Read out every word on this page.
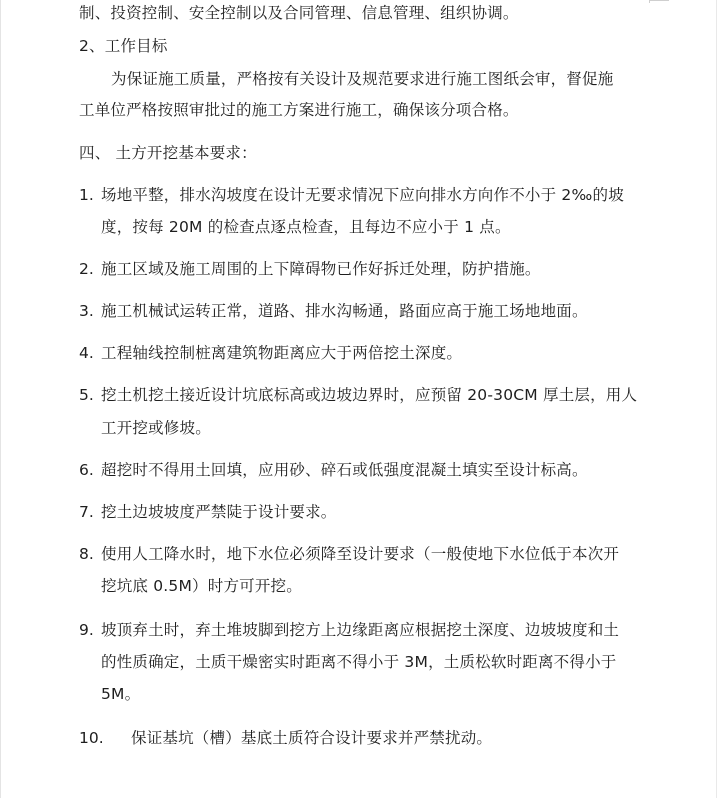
制、投资控制、安全控制以及合同管理、信息管理、组织协调。
2、工作目标
为保证施工质量，严格按有关设计及规范要求进行施工图纸会审，督促施
工单位严格按照审批过的施工方案进行施工，确保该分项合格。
四、 土方开挖基本要求：
1. 场地平整，排水沟坡度在设计无要求情况下应向排水方向作不小于 2‰的坡
度，按每 20M 的检查点逐点检查，且每边不应小于 1 点。
2. 施工区域及施工周围的上下障碍物已作好拆迁处理，防护措施。
3. 施工机械试运转正常，道路、排水沟畅通，路面应高于施工场地地面。
4. 工程轴线控制桩离建筑物距离应大于两倍挖土深度。
5. 挖土机挖土接近设计坑底标高或边坡边界时，应预留 20-30CM 厚土层，用人
工开挖或修坡。
6. 超挖时不得用土回填，应用砂、碎石或低强度混凝土填实至设计标高。
7. 挖土边坡坡度严禁陡于设计要求。
8. 使用人工降水时，地下水位必须降至设计要求（一般使地下水位低于本次开
挖坑底 0.5M）时方可开挖。
9. 坡顶弃土时，弃土堆坡脚到挖方上边缘距离应根据挖土深度、边坡坡度和土
的性质确定，土质干燥密实时距离不得小于 3M，土质松软时距离不得小于
5M。
10. 保证基坑（槽）基底土质符合设计要求并严禁扰动。
